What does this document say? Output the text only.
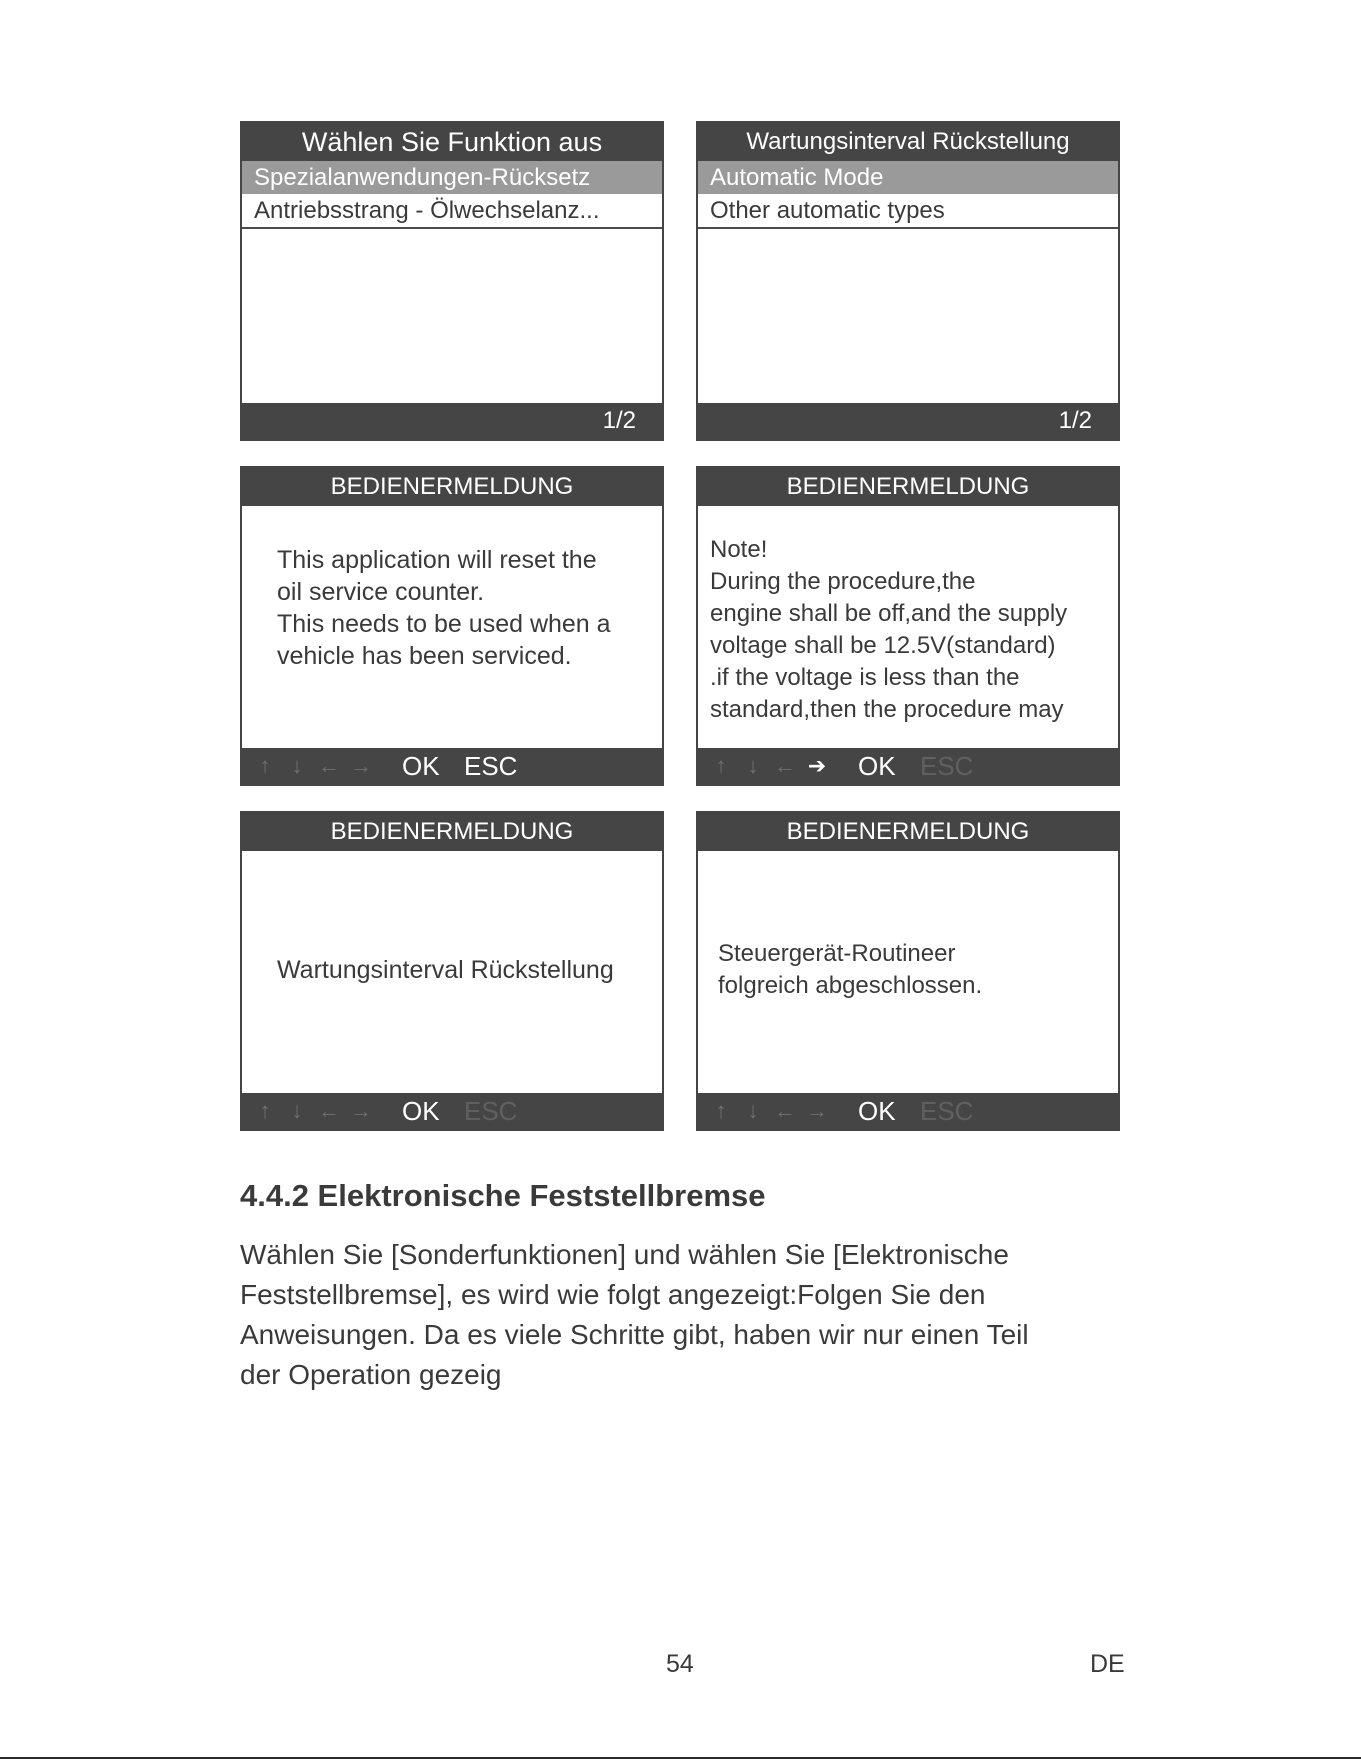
Wählen Sie Funktion aus
Spezialanwendungen-Rücksetz
Antriebsstrang - Ölwechselanz...
1/2
Wartungsinterval Rückstellung
Automatic Mode
Other automatic types
1/2
BEDIENERMELDUNG

This application will reset the

oil service counter.

This needs to be used when a

vehicle has been serviced.

↑ ↓ ← → OK ESC
BEDIENERMELDUNG

Note!

During the procedure,the

engine shall be off,and the supply

voltage shall be 12.5V(standard)

.if the voltage is less than the

standard,then the procedure may

↑ ↓ ← ➔ OK ESC
BEDIENERMELDUNG

Wartungsinterval Rückstellung

↑ ↓ ← → OK ESC
BEDIENERMELDUNG

Steuergerät-Routineer

folgreich abgeschlossen.

↑ ↓ ← → OK ESC
4.4.2 Elektronische Feststellbremse

Wählen Sie [Sonderfunktionen] und wählen Sie [Elektronische

Feststellbremse], es wird wie folgt angezeigt:Folgen Sie den

Anweisungen. Da es viele Schritte gibt, haben wir nur einen Teil

der Operation gezeig

54	DE
